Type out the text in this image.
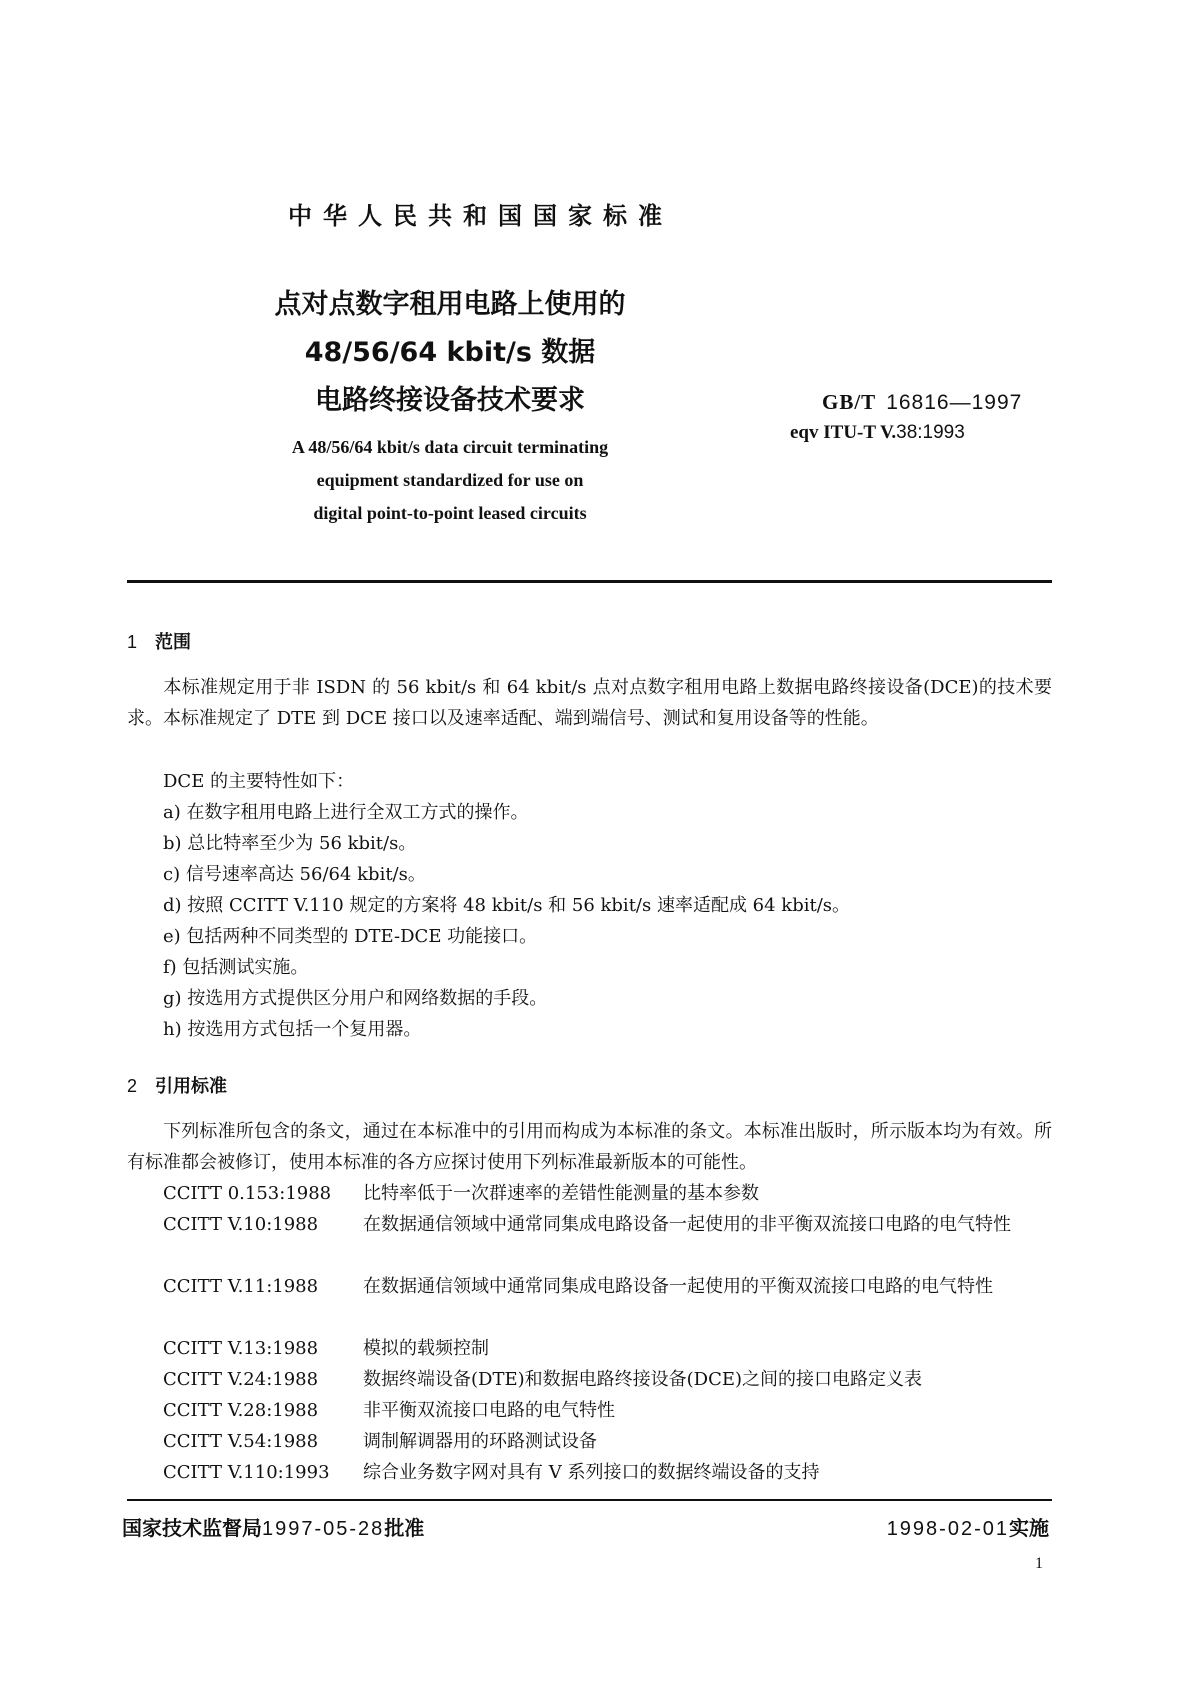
中华人民共和国国家标准
点对点数字租用电路上使用的
48/56/64 kbit/s 数据
电路终接设备技术要求	GB/T 16816—1997
eqv ITU-T V.38:1993
A 48/56/64 kbit/s data circuit terminating
equipment standardized for use on
digital point-to-point leased circuits
1 范围
本标准规定用于非 ISDN 的 56 kbit/s 和 64 kbit/s 点对点数字租用电路上数据电路终接设备(DCE)的技术要求。本标准规定了 DTE 到 DCE 接口以及速率适配、端到端信号、测试和复用设备等的性能。
DCE 的主要特性如下：
a) 在数字租用电路上进行全双工方式的操作。
b) 总比特率至少为 56 kbit/s。
c) 信号速率高达 56/64 kbit/s。
d) 按照 CCITT V.110 规定的方案将 48 kbit/s 和 56 kbit/s 速率适配成 64 kbit/s。
e) 包括两种不同类型的 DTE-DCE 功能接口。
f) 包括测试实施。
g) 按选用方式提供区分用户和网络数据的手段。
h) 按选用方式包括一个复用器。
2 引用标准
下列标准所包含的条文，通过在本标准中的引用而构成为本标准的条文。本标准出版时，所示版本均为有效。所有标准都会被修订，使用本标准的各方应探讨使用下列标准最新版本的可能性。
CCITT 0.153:1988 比特率低于一次群速率的差错性能测量的基本参数
CCITT V.10:1988 在数据通信领域中通常同集成电路设备一起使用的非平衡双流接口电路的电气特性
CCITT V.11:1988 在数据通信领域中通常同集成电路设备一起使用的平衡双流接口电路的电气特性
CCITT V.13:1988 模拟的载频控制
CCITT V.24:1988 数据终端设备(DTE)和数据电路终接设备(DCE)之间的接口电路定义表
CCITT V.28:1988 非平衡双流接口电路的电气特性
CCITT V.54:1988 调制解调器用的环路测试设备
CCITT V.110:1993 综合业务数字网对具有 V 系列接口的数据终端设备的支持
国家技术监督局1997-05-28批准	1998-02-01实施
1
